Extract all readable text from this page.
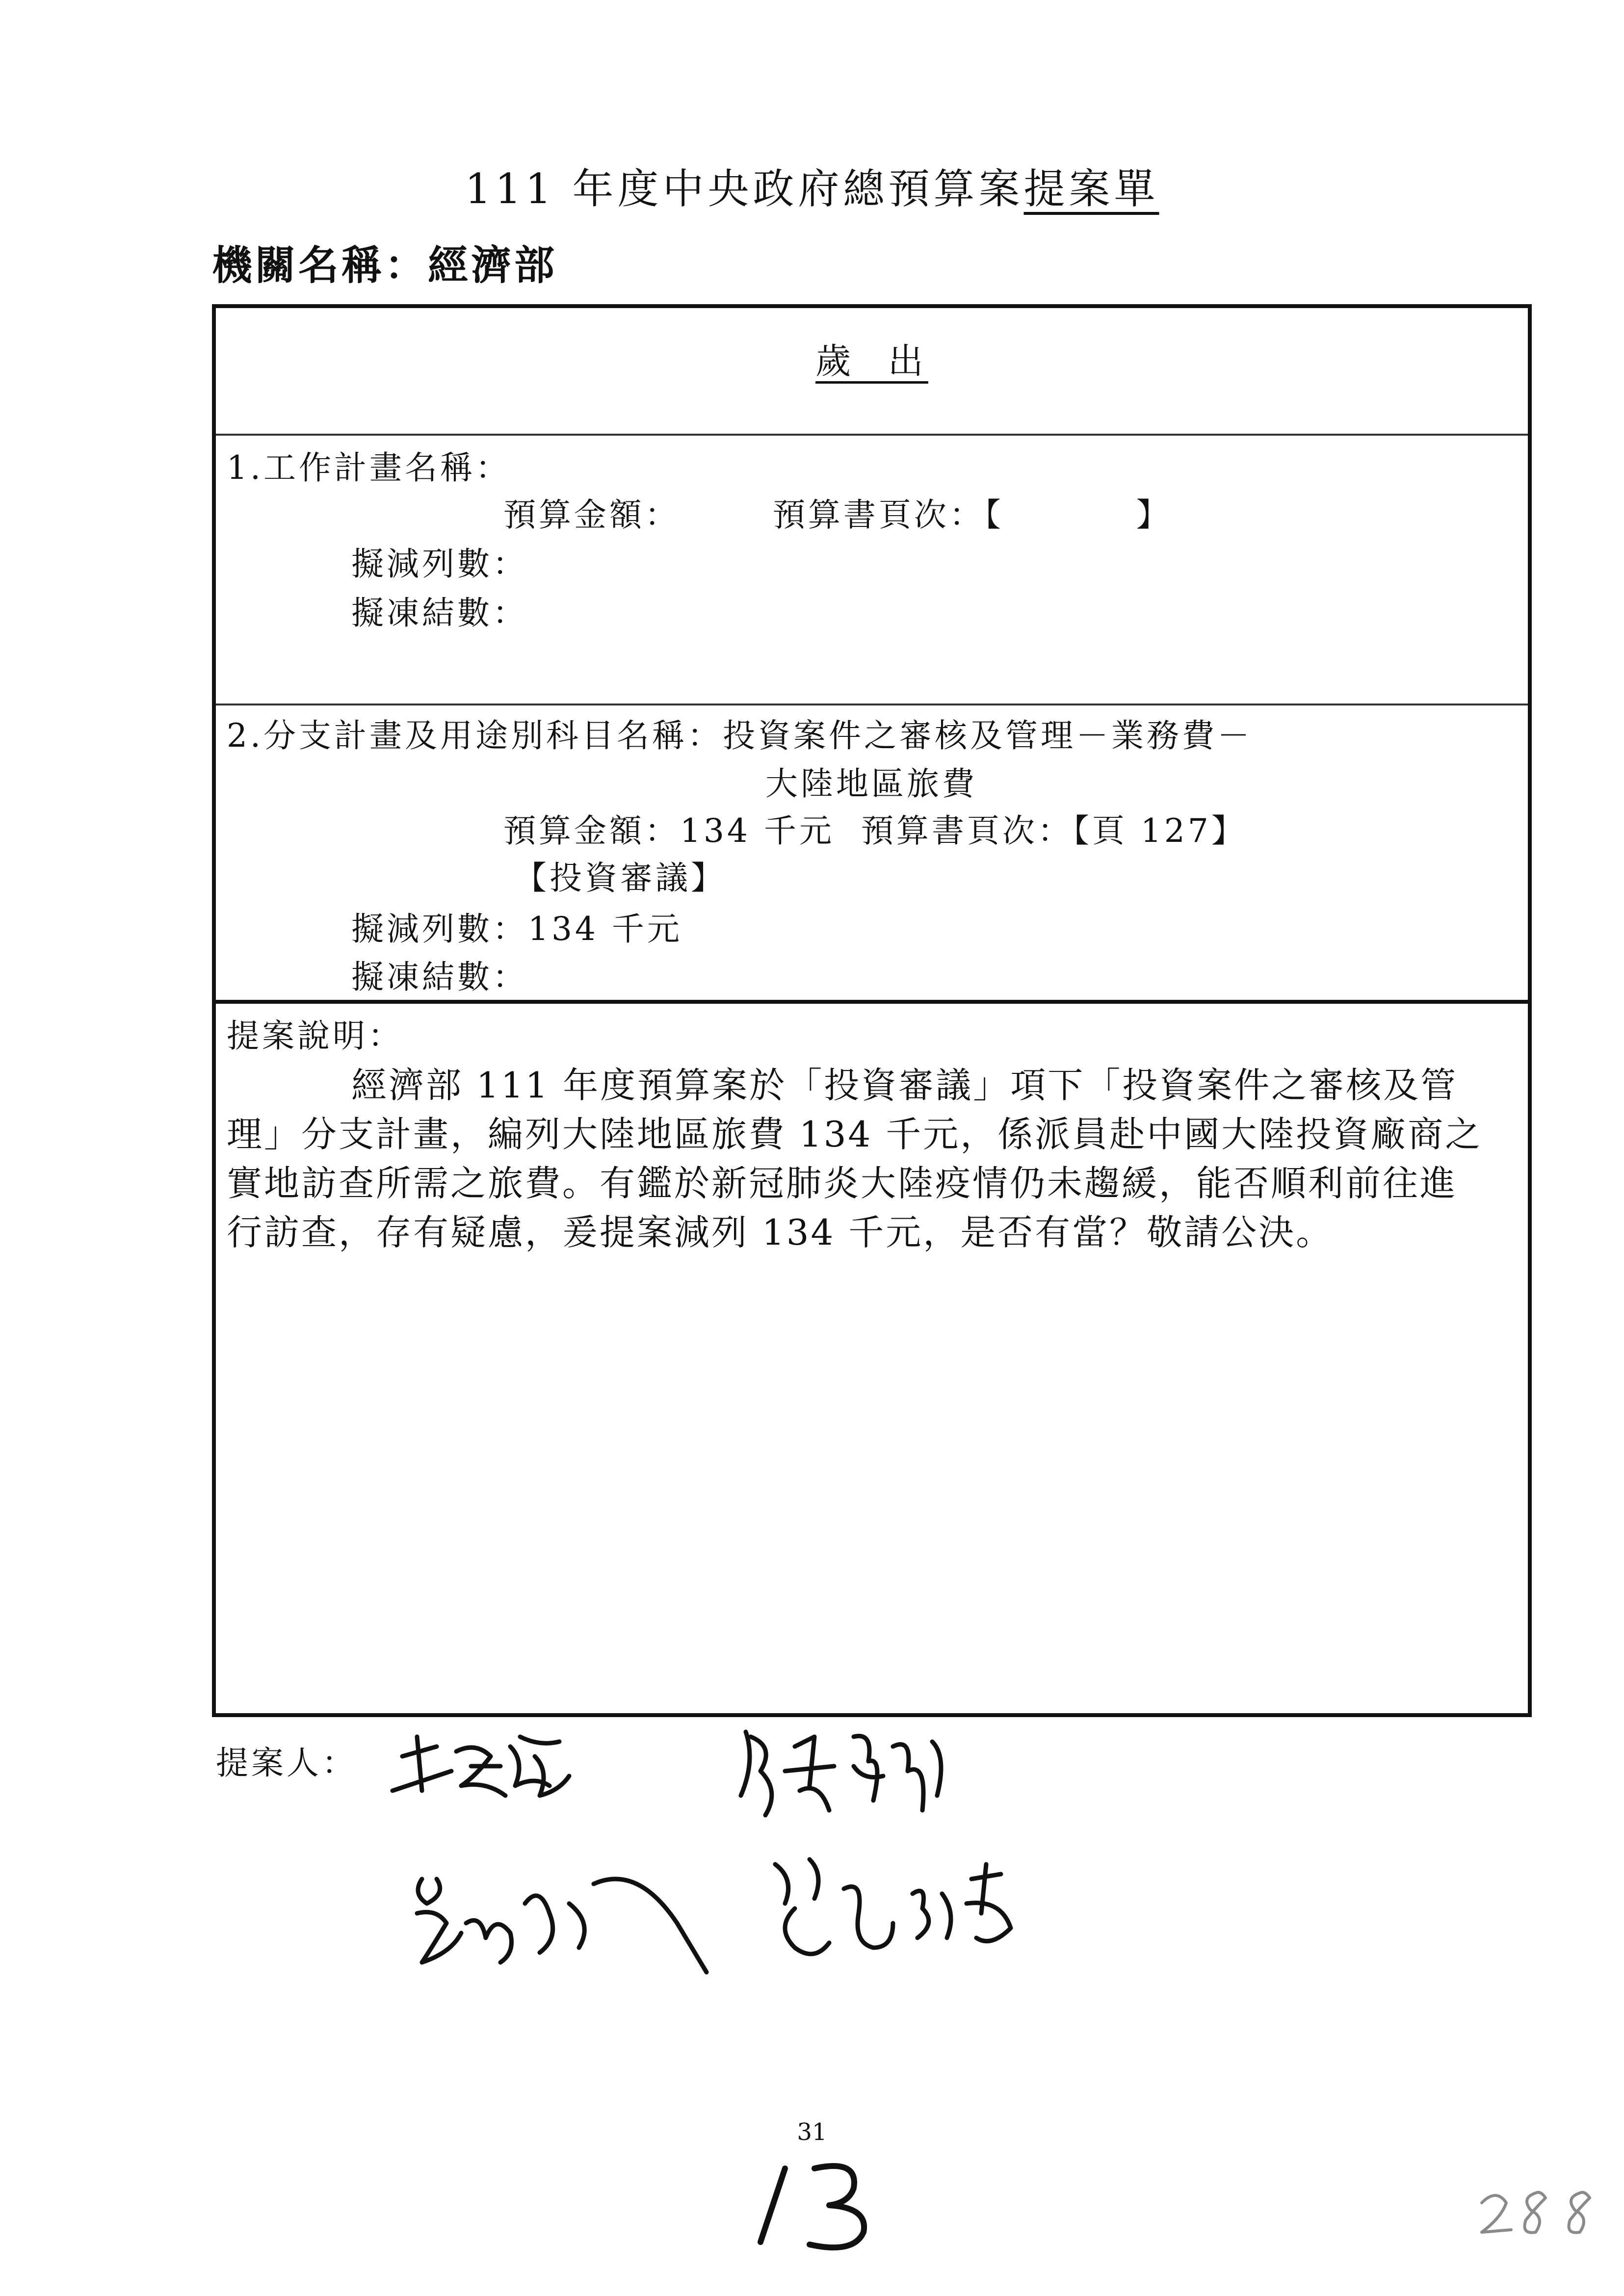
111 年度中央政府總預算案提案單
機關名稱：經濟部
歲  出
1.工作計畫名稱：
預算金額：       預算書頁次：【          】
擬減列數：
擬凍結數：
2.分支計畫及用途別科目名稱：投資案件之審核及管理－業務費－
大陸地區旅費
預算金額：134 千元  預算書頁次：【頁 127】
【投資審議】
擬減列數：134 千元
擬凍結數：
提案說明：
經濟部 111 年度預算案於「投資審議」項下「投資案件之審核及管
理」分支計畫，編列大陸地區旅費 134 千元，係派員赴中國大陸投資廠商之
實地訪查所需之旅費。有鑑於新冠肺炎大陸疫情仍未趨緩，能否順利前往進
行訪查，存有疑慮，爰提案減列 134 千元，是否有當？敬請公決。
提案人：
31
